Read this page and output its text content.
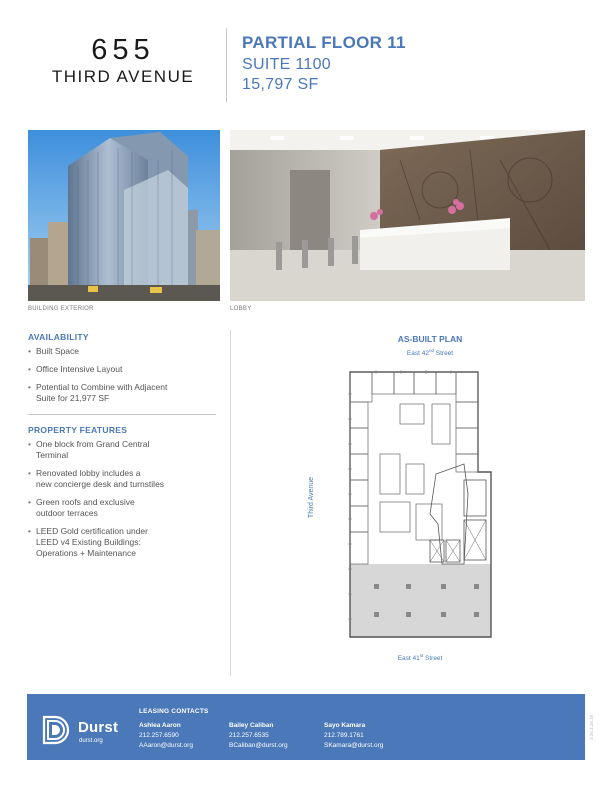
655
THIRD AVENUE
PARTIAL FLOOR 11
SUITE 1100
15,797 SF
BUILDING EXTERIOR	LOBBY
AVAILABILITY
• Built Space
• Office Intensive Layout
• Potential to Combine with Adjacent
Suite for 21,977 SF
PROPERTY FEATURES
• One block from Grand Central
Terminal
• Renovated lobby includes a
new concierge desk and turnstiles
• Green roofs and exclusive
outdoor terraces
• LEED Gold certification under
LEED v4 Existing Buildings:
Operations + Maintenance
AS-BUILT PLAN
East 42nd Street
Third Avenue
East 41st Street
Durst
durst.org
LEASING CONTACTS
Ashlea Aaron
212.257.6590
AAaron@durst.org
Bailey Caliban
212.257.6535
BCaliban@durst.org
Sayo Kamara
212.789.1761
SKamara@durst.org
3.26.3.26.18
